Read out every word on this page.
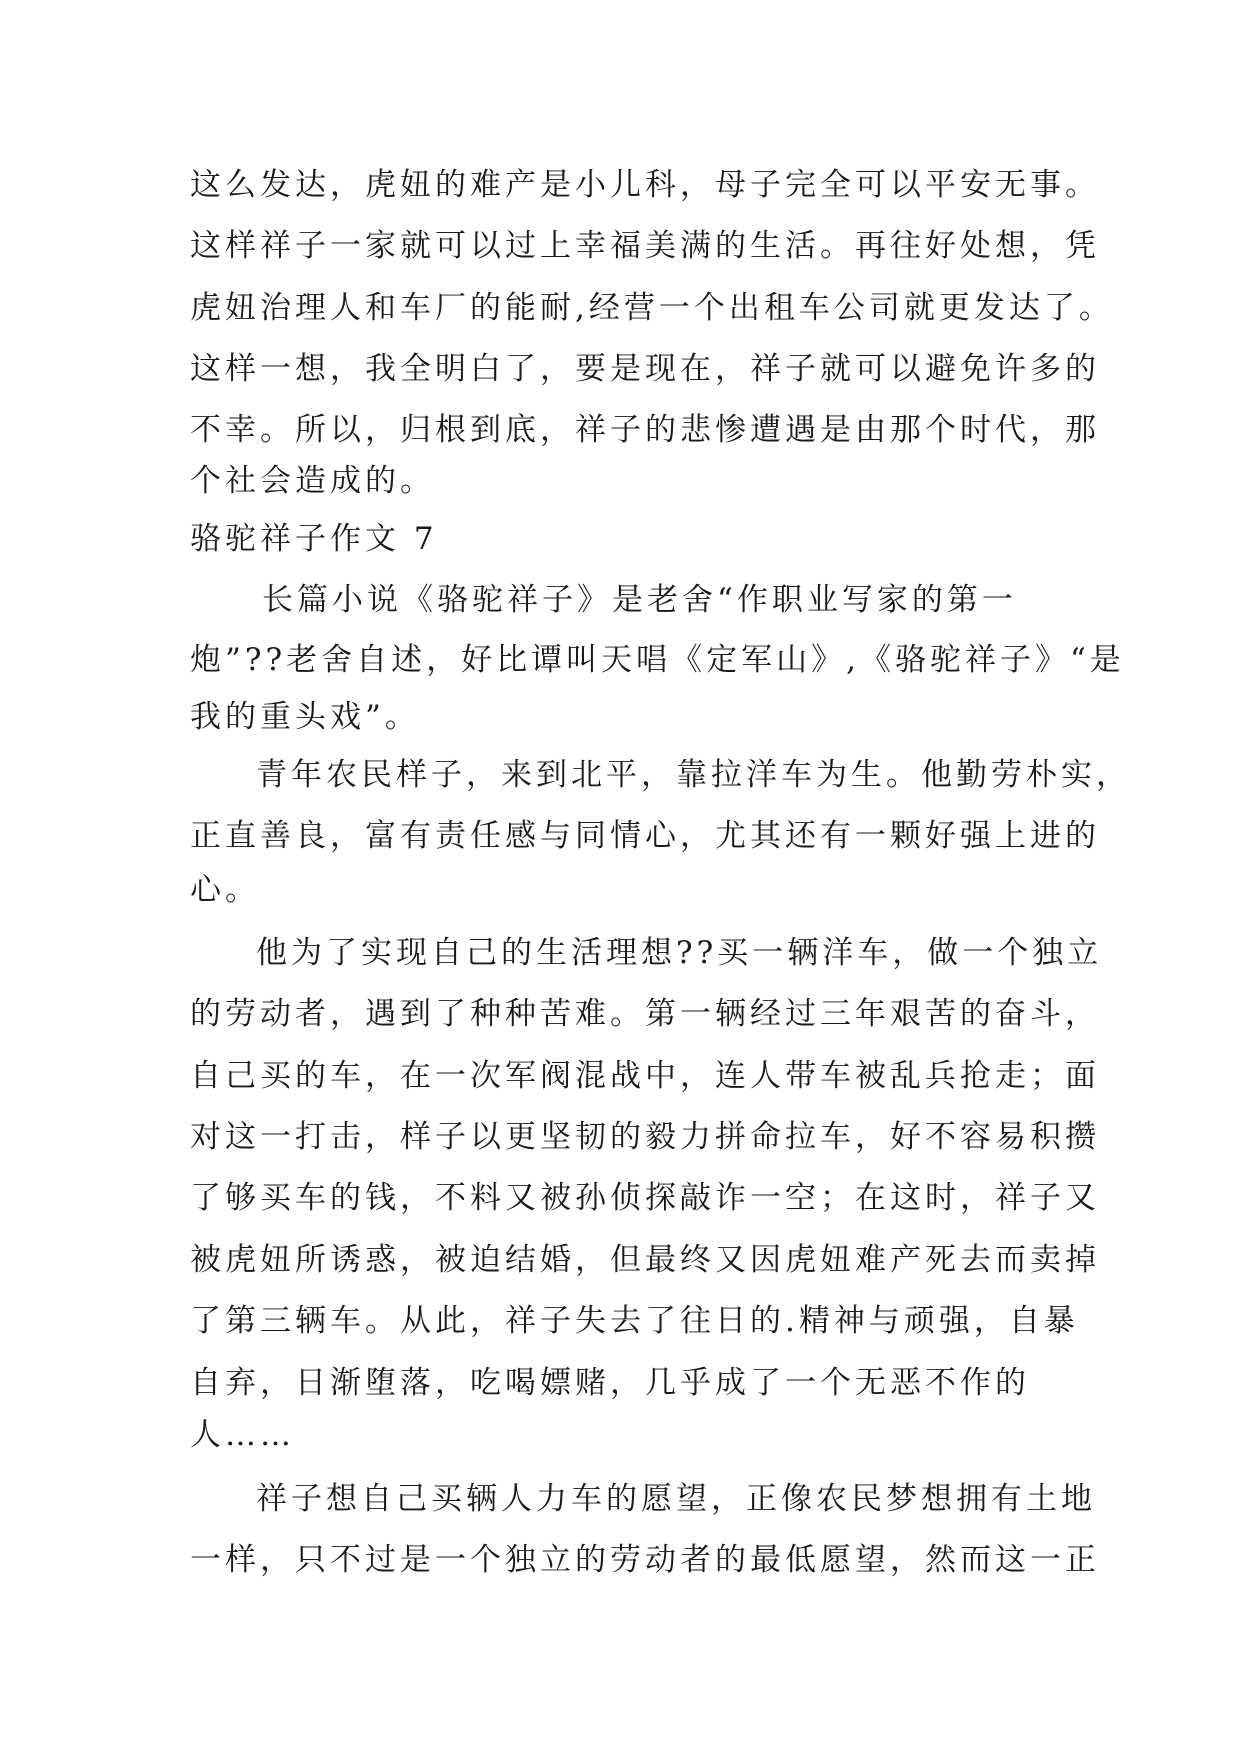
这么发达，虎妞的难产是小儿科，母子完全可以平安无事。
这样祥子一家就可以过上幸福美满的生活。再往好处想，凭
虎妞治理人和车厂的能耐,经营一个出租车公司就更发达了。
这样一想，我全明白了，要是现在，祥子就可以避免许多的
不幸。所以，归根到底，祥子的悲惨遭遇是由那个时代，那
个社会造成的。
骆驼祥子作文 7
长篇小说《骆驼祥子》是老舍“作职业写家的第一
炮”??老舍自述，好比谭叫天唱《定军山》,《骆驼祥子》“是
我的重头戏”。
青年农民样子，来到北平，靠拉洋车为生。他勤劳朴实，
正直善良，富有责任感与同情心，尤其还有一颗好强上进的
心。
他为了实现自己的生活理想??买一辆洋车，做一个独立
的劳动者，遇到了种种苦难。第一辆经过三年艰苦的奋斗，
自己买的车，在一次军阀混战中，连人带车被乱兵抢走；面
对这一打击，样子以更坚韧的毅力拼命拉车，好不容易积攒
了够买车的钱，不料又被孙侦探敲诈一空；在这时，祥子又
被虎妞所诱惑，被迫结婚，但最终又因虎妞难产死去而卖掉
了第三辆车。从此，祥子失去了往日的.精神与顽强，自暴
自弃，日渐堕落，吃喝嫖赌，几乎成了一个无恶不作的
人……
祥子想自己买辆人力车的愿望，正像农民梦想拥有土地
一样，只不过是一个独立的劳动者的最低愿望，然而这一正
